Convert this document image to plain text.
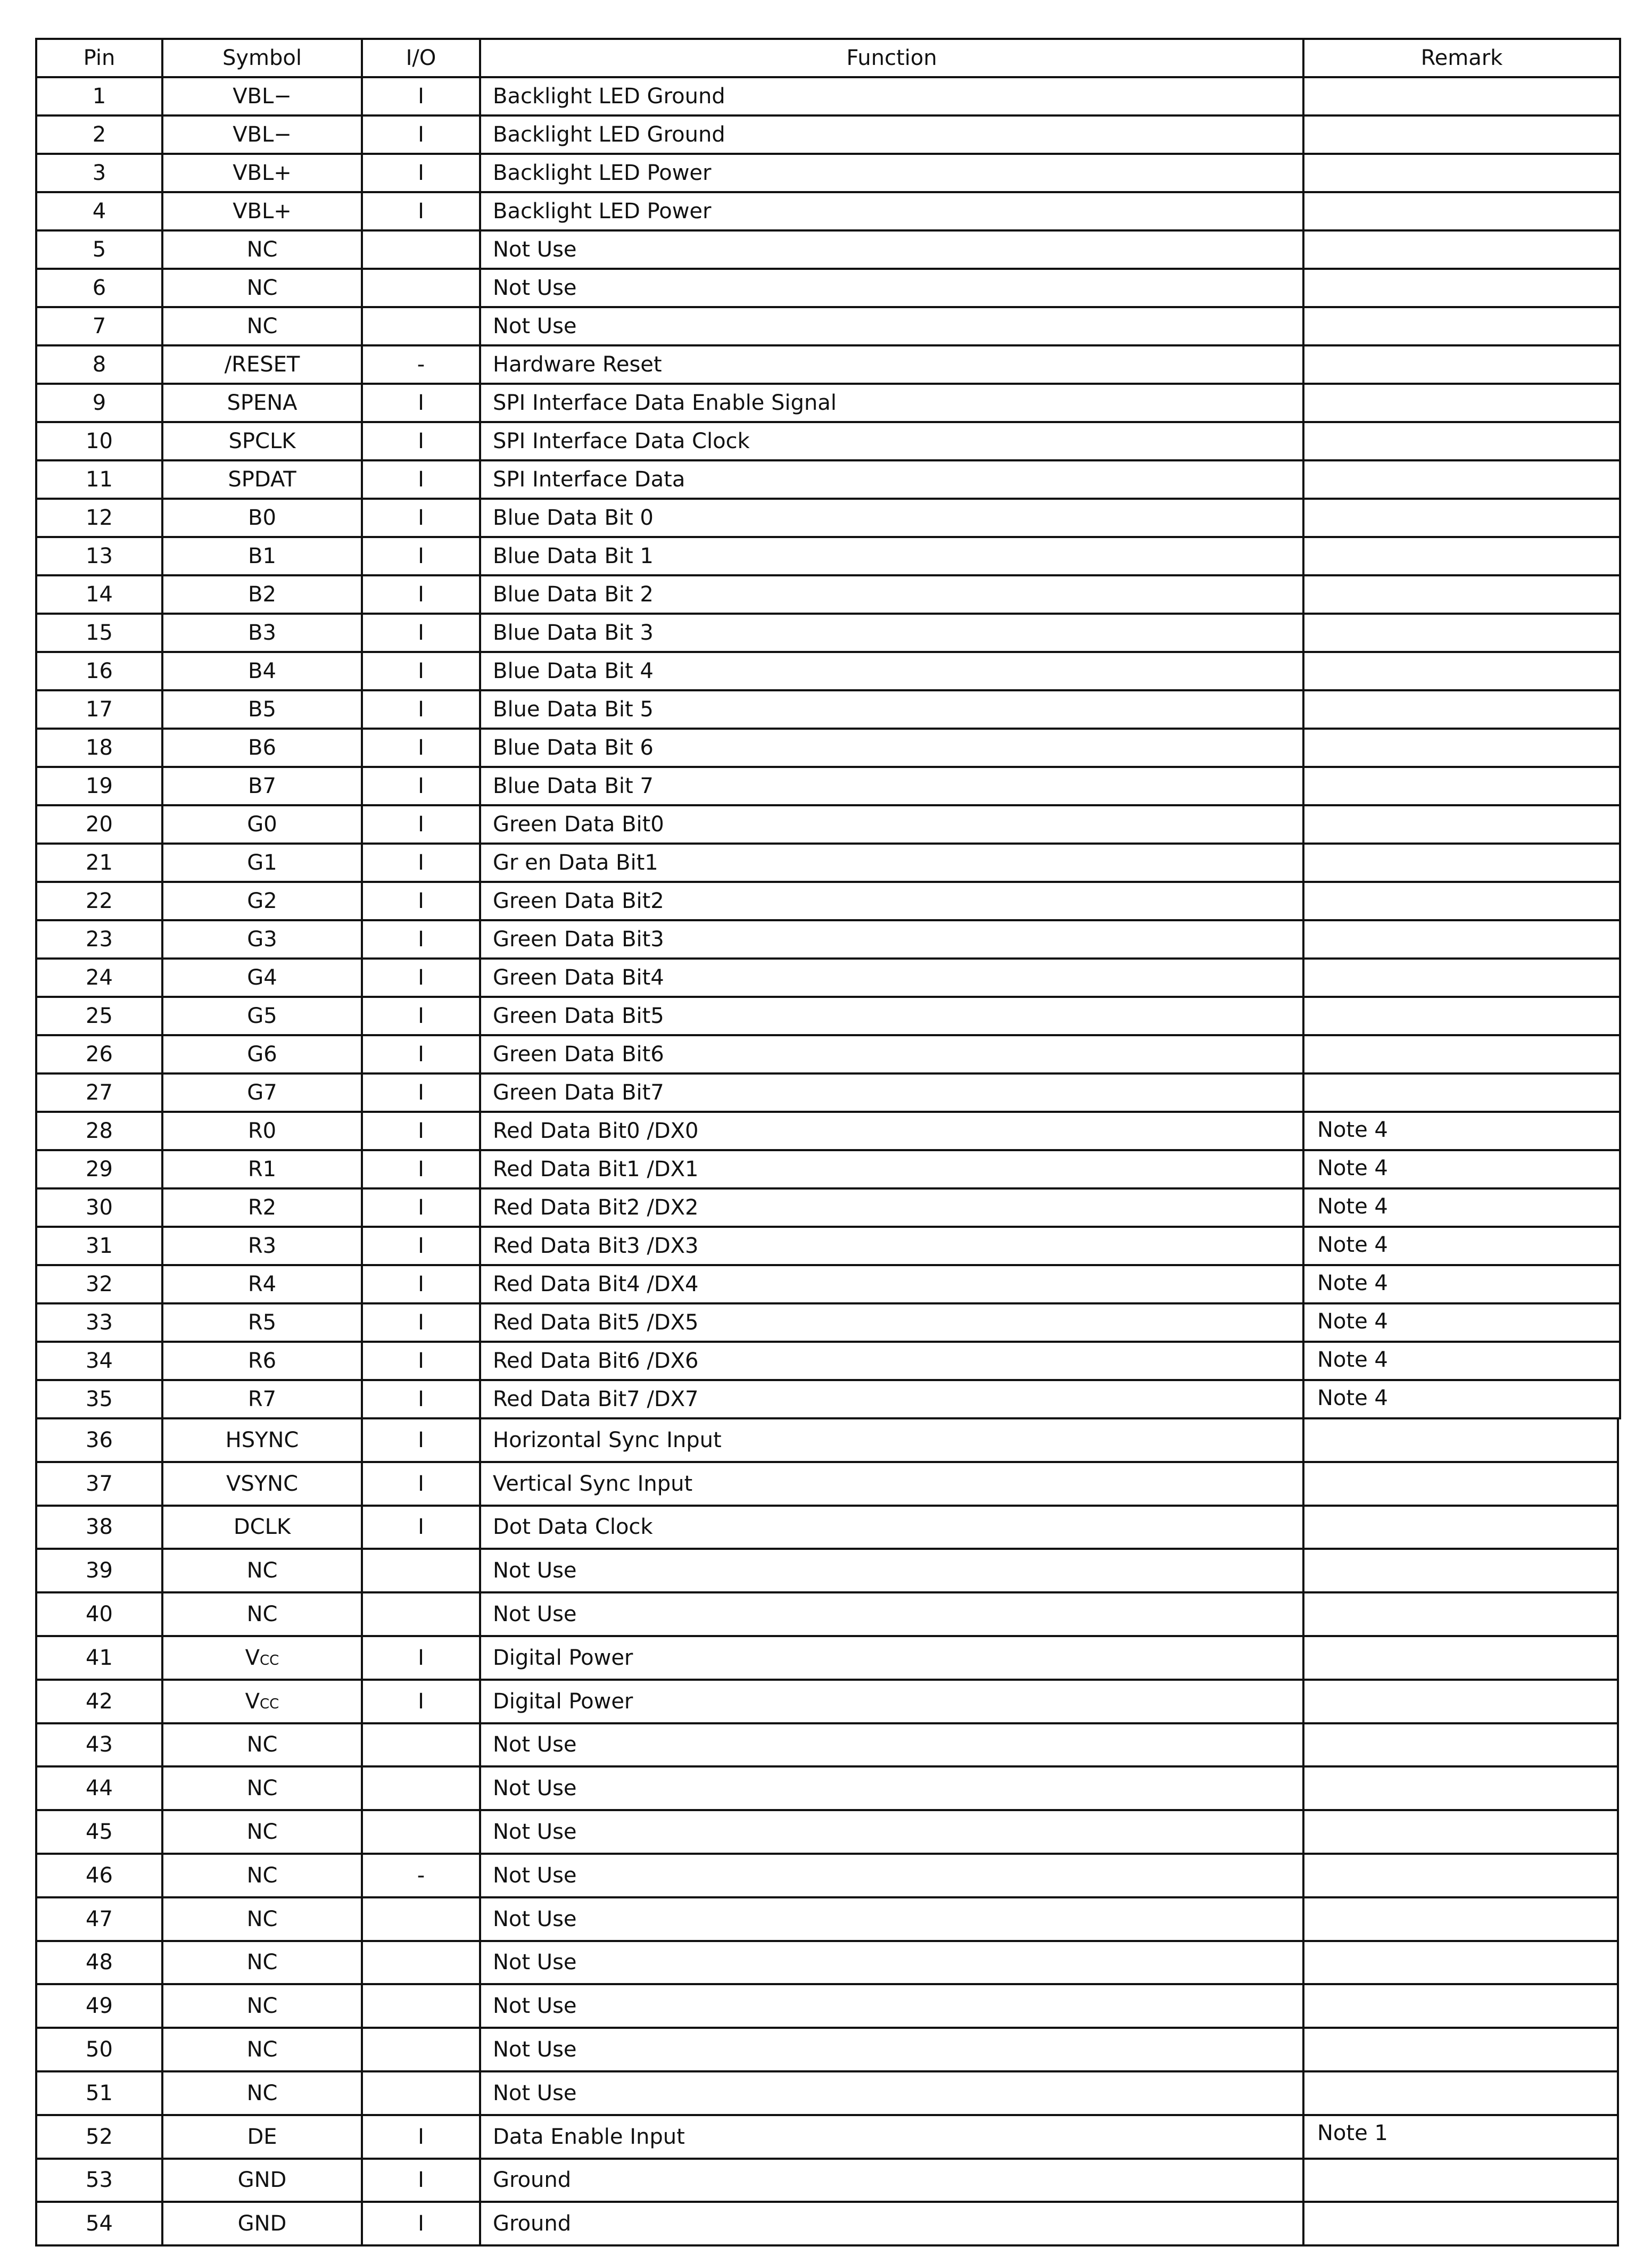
Pin	Symbol	I/O	Function	Remark
1	VBL−	I	Backlight LED Ground	
2	VBL−	I	Backlight LED Ground	
3	VBL+	I	Backlight LED Power	
4	VBL+	I	Backlight LED Power	
5	NC		Not Use	
6	NC		Not Use	
7	NC		Not Use	
8	/RESET	-	Hardware Reset	
9	SPENA	I	SPI Interface Data Enable Signal	
10	SPCLK	I	SPI Interface Data Clock	
11	SPDAT	I	SPI Interface Data	
12	B0	I	Blue Data Bit 0	
13	B1	I	Blue Data Bit 1	
14	B2	I	Blue Data Bit 2	
15	B3	I	Blue Data Bit 3	
16	B4	I	Blue Data Bit 4	
17	B5	I	Blue Data Bit 5	
18	B6	I	Blue Data Bit 6	
19	B7	I	Blue Data Bit 7	
20	G0	I	Green Data Bit0	
21	G1	I	Gr en Data Bit1	
22	G2	I	Green Data Bit2	
23	G3	I	Green Data Bit3	
24	G4	I	Green Data Bit4	
25	G5	I	Green Data Bit5	
26	G6	I	Green Data Bit6	
27	G7	I	Green Data Bit7	
28	R0	I	Red Data Bit0 /DX0	Note 4
29	R1	I	Red Data Bit1 /DX1	Note 4
30	R2	I	Red Data Bit2 /DX2	Note 4
31	R3	I	Red Data Bit3 /DX3	Note 4
32	R4	I	Red Data Bit4 /DX4	Note 4
33	R5	I	Red Data Bit5 /DX5	Note 4
34	R6	I	Red Data Bit6 /DX6	Note 4
35	R7	I	Red Data Bit7 /DX7	Note 4
36	HSYNC	I	Horizontal Sync Input	
37	VSYNC	I	Vertical Sync Input	
38	DCLK	I	Dot Data Clock	
39	NC		Not Use	
40	NC		Not Use	
41	VCC	I	Digital Power	
42	VCC	I	Digital Power	
43	NC		Not Use	
44	NC		Not Use	
45	NC		Not Use	
46	NC	-	Not Use	
47	NC		Not Use	
48	NC		Not Use	
49	NC		Not Use	
50	NC		Not Use	
51	NC		Not Use	
52	DE	I	Data Enable Input	Note 1
53	GND	I	Ground	
54	GND	I	Ground	
